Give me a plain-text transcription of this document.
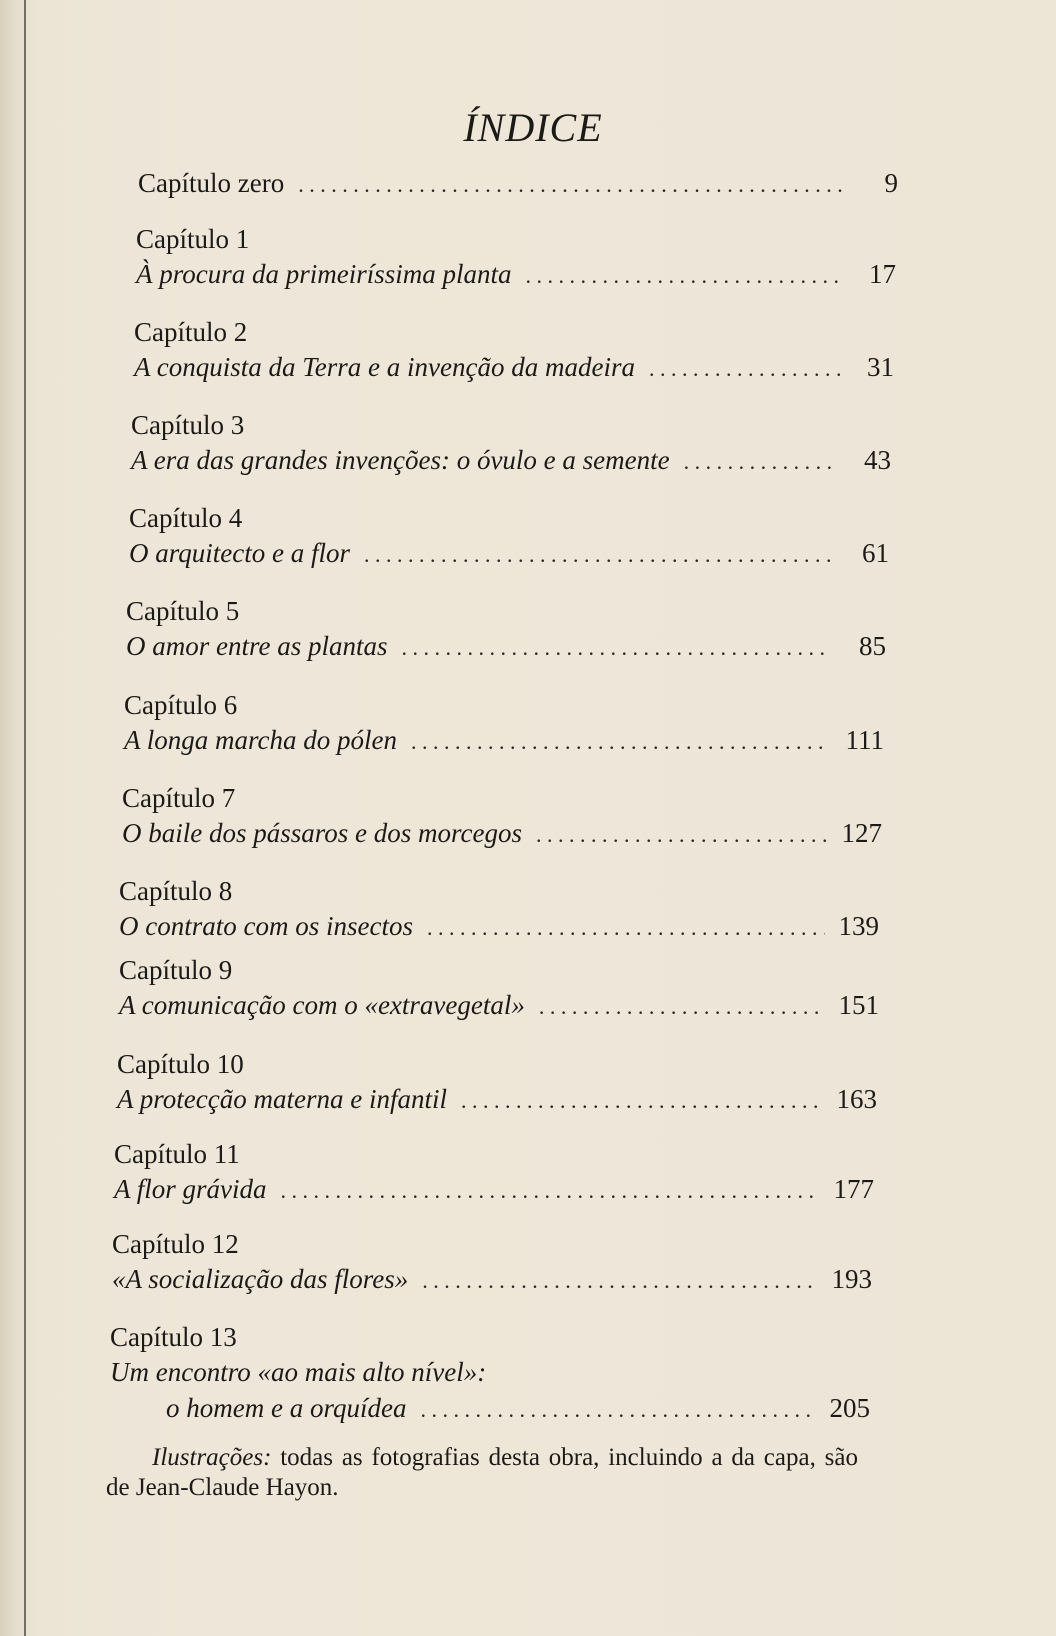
ÍNDICE
Capítulo zero . . .	9
Capítulo 1
À procura da primeiríssima planta . . .	17
Capítulo 2
A conquista da Terra e a invenção da madeira . . .	31
Capítulo 3
A era das grandes invenções: o óvulo e a semente . . .	43
Capítulo 4
O arquitecto e a flor . . .	61
Capítulo 5
O amor entre as plantas . . .	85
Capítulo 6
A longa marcha do pólen . . .	111
Capítulo 7
O baile dos pássaros e dos morcegos . . .	127
Capítulo 8
O contrato com os insectos . . .	139
Capítulo 9
A comunicação com o «extravegetal» . . .	151
Capítulo 10
A protecção materna e infantil . . .	163
Capítulo 11
A flor grávida . . .	177
Capítulo 12
«A socialização das flores» . . .	193
Capítulo 13
Um encontro «ao mais alto nível»:
o homem e a orquídea . . .	205
Ilustrações: todas as fotografias desta obra, incluindo a da capa, são de Jean-Claude Hayon.
